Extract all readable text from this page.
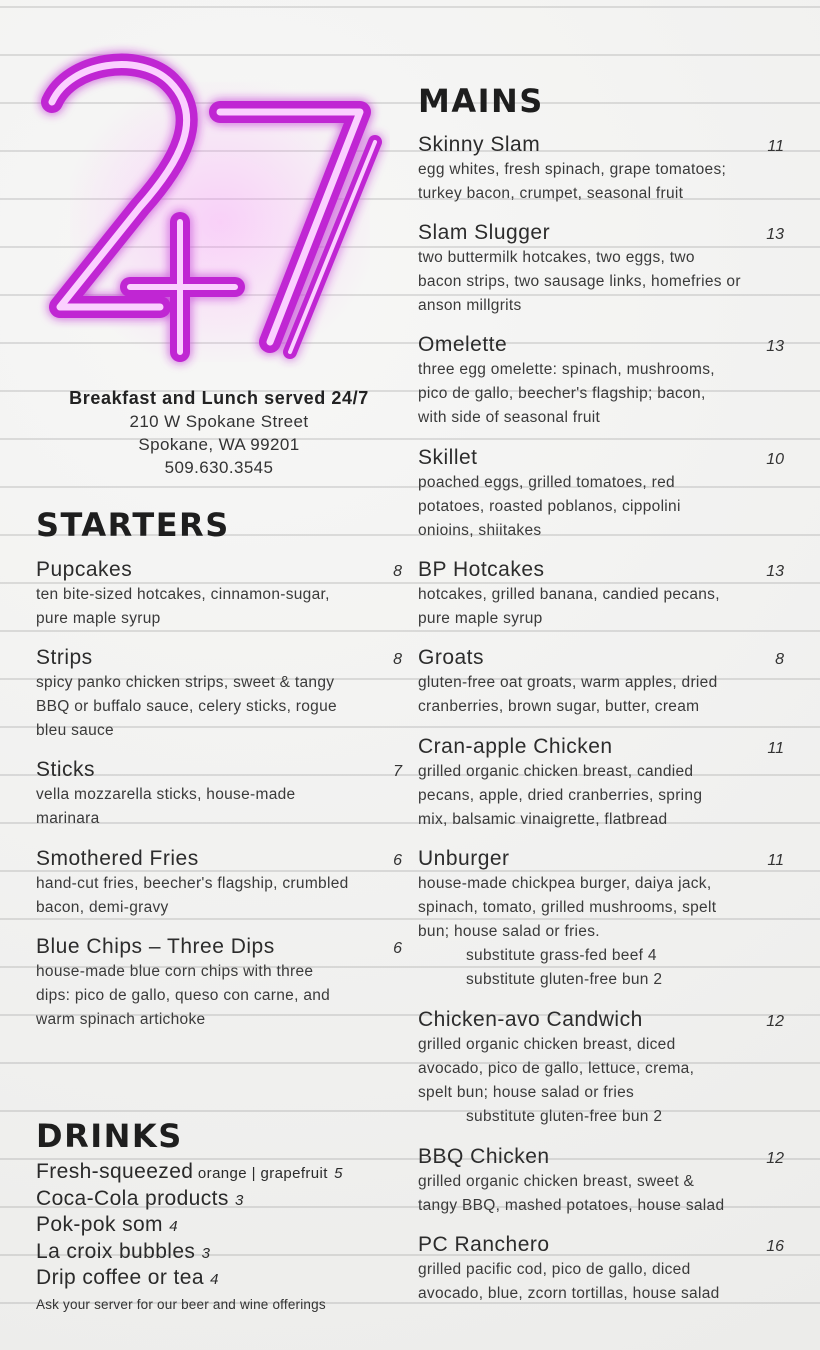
Breakfast and Lunch served 24/7
210 W Spokane Street
Spokane, WA 99201
509.630.3545
STARTERS
Pupcakes	8
ten bite-sized hotcakes, cinnamon-sugar,
pure maple syrup
Strips	8
spicy panko chicken strips, sweet & tangy
BBQ or buffalo sauce, celery sticks, rogue
bleu sauce
Sticks	7
vella mozzarella sticks, house-made
marinara
Smothered Fries	6
hand-cut fries, beecher's flagship, crumbled
bacon, demi-gravy
Blue Chips – Three Dips	6
house-made blue corn chips with three
dips: pico de gallo, queso con carne, and
warm spinach artichoke
DRINKS
Fresh-squeezed orange | grapefruit 5
Coca-Cola products 3
Pok-pok som 4
La croix bubbles 3
Drip coffee or tea 4
Ask your server for our beer and wine offerings
MAINS
Skinny Slam	11
egg whites, fresh spinach, grape tomatoes;
turkey bacon, crumpet, seasonal fruit
Slam Slugger	13
two buttermilk hotcakes, two eggs, two
bacon strips, two sausage links, homefries or
anson millgrits
Omelette	13
three egg omelette: spinach, mushrooms,
pico de gallo, beecher's flagship; bacon,
with side of seasonal fruit
Skillet	10
poached eggs, grilled tomatoes, red
potatoes, roasted poblanos, cippolini
onioins, shiitakes
BP Hotcakes	13
hotcakes, grilled banana, candied pecans,
pure maple syrup
Groats	8
gluten-free oat groats, warm apples, dried
cranberries, brown sugar, butter, cream
Cran-apple Chicken	11
grilled organic chicken breast, candied
pecans, apple, dried cranberries, spring
mix, balsamic vinaigrette, flatbread
Unburger	11
house-made chickpea burger, daiya jack,
spinach, tomato, grilled mushrooms, spelt
bun; house salad or fries.
substitute grass-fed beef 4
substitute gluten-free bun 2
Chicken-avo Candwich	12
grilled organic chicken breast, diced
avocado, pico de gallo, lettuce, crema,
spelt bun; house salad or fries
substitute gluten-free bun 2
BBQ Chicken	12
grilled organic chicken breast, sweet &
tangy BBQ, mashed potatoes, house salad
PC Ranchero	16
grilled pacific cod, pico de gallo, diced
avocado, blue, zcorn tortillas, house salad
